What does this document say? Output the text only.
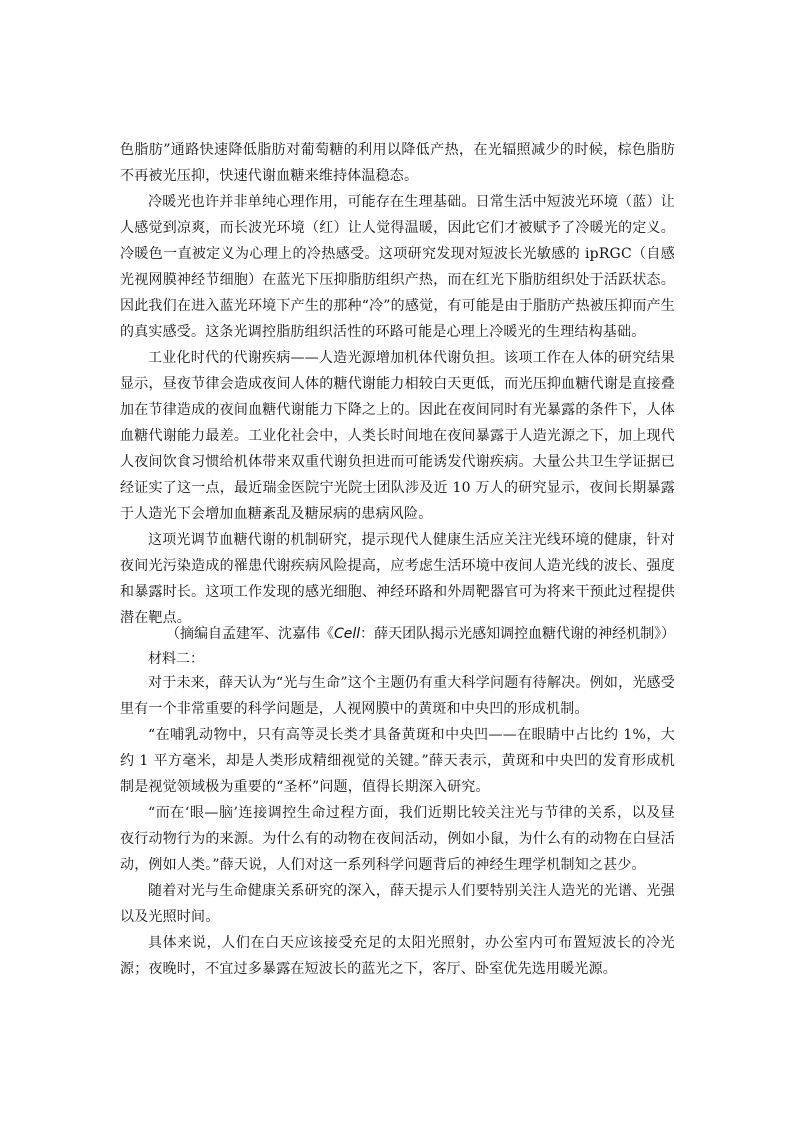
色脂肪”通路快速降低脂肪对葡萄糖的利用以降低产热，在光辐照减少的时候，棕色脂肪不再被光压抑，快速代谢血糖来维持体温稳态。

冷暖光也许并非单纯心理作用，可能存在生理基础。日常生活中短波光环境（蓝）让人感觉到凉爽，而长波光环境（红）让人觉得温暖，因此它们才被赋予了冷暖光的定义。冷暖色一直被定义为心理上的冷热感受。这项研究发现对短波长光敏感的 ipRGC（自感光视网膜神经节细胞）在蓝光下压抑脂肪组织产热，而在红光下脂肪组织处于活跃状态。因此我们在进入蓝光环境下产生的那种“冷”的感觉，有可能是由于脂肪产热被压抑而产生的真实感受。这条光调控脂肪组织活性的环路可能是心理上冷暖光的生理结构基础。

工业化时代的代谢疾病——人造光源增加机体代谢负担。该项工作在人体的研究结果显示，昼夜节律会造成夜间人体的糖代谢能力相较白天更低，而光压抑血糖代谢是直接叠加在节律造成的夜间血糖代谢能力下降之上的。因此在夜间同时有光暴露的条件下，人体血糖代谢能力最差。工业化社会中，人类长时间地在夜间暴露于人造光源之下，加上现代人夜间饮食习惯给机体带来双重代谢负担进而可能诱发代谢疾病。大量公共卫生学证据已经证实了这一点，最近瑞金医院宁光院士团队涉及近 10 万人的研究显示，夜间长期暴露于人造光下会增加血糖紊乱及糖尿病的患病风险。

这项光调节血糖代谢的机制研究，提示现代人健康生活应关注光线环境的健康，针对夜间光污染造成的罹患代谢疾病风险提高，应考虑生活环境中夜间人造光线的波长、强度和暴露时长。这项工作发现的感光细胞、神经环路和外周靶器官可为将来干预此过程提供潜在靶点。

（摘编自孟建军、沈嘉伟《Cell：薛天团队揭示光感知调控血糖代谢的神经机制》）
材料二：

对于未来，薛天认为“光与生命”这个主题仍有重大科学问题有待解决。例如，光感受里有一个非常重要的科学问题是，人视网膜中的黄斑和中央凹的形成机制。

“在哺乳动物中，只有高等灵长类才具备黄斑和中央凹——在眼睛中占比约 1%，大约 1 平方毫米，却是人类形成精细视觉的关键。”薛天表示，黄斑和中央凹的发育形成机制是视觉领域极为重要的“圣杯”问题，值得长期深入研究。

“而在‘眼—脑’连接调控生命过程方面，我们近期比较关注光与节律的关系，以及昼夜行动物行为的来源。为什么有的动物在夜间活动，例如小鼠，为什么有的动物在白昼活动，例如人类。”薛天说，人们对这一系列科学问题背后的神经生理学机制知之甚少。

随着对光与生命健康关系研究的深入，薛天提示人们要特别关注人造光的光谱、光强以及光照时间。

具体来说，人们在白天应该接受充足的太阳光照射，办公室内可布置短波长的冷光源；夜晚时，不宜过多暴露在短波长的蓝光之下，客厅、卧室优先选用暖光源。
